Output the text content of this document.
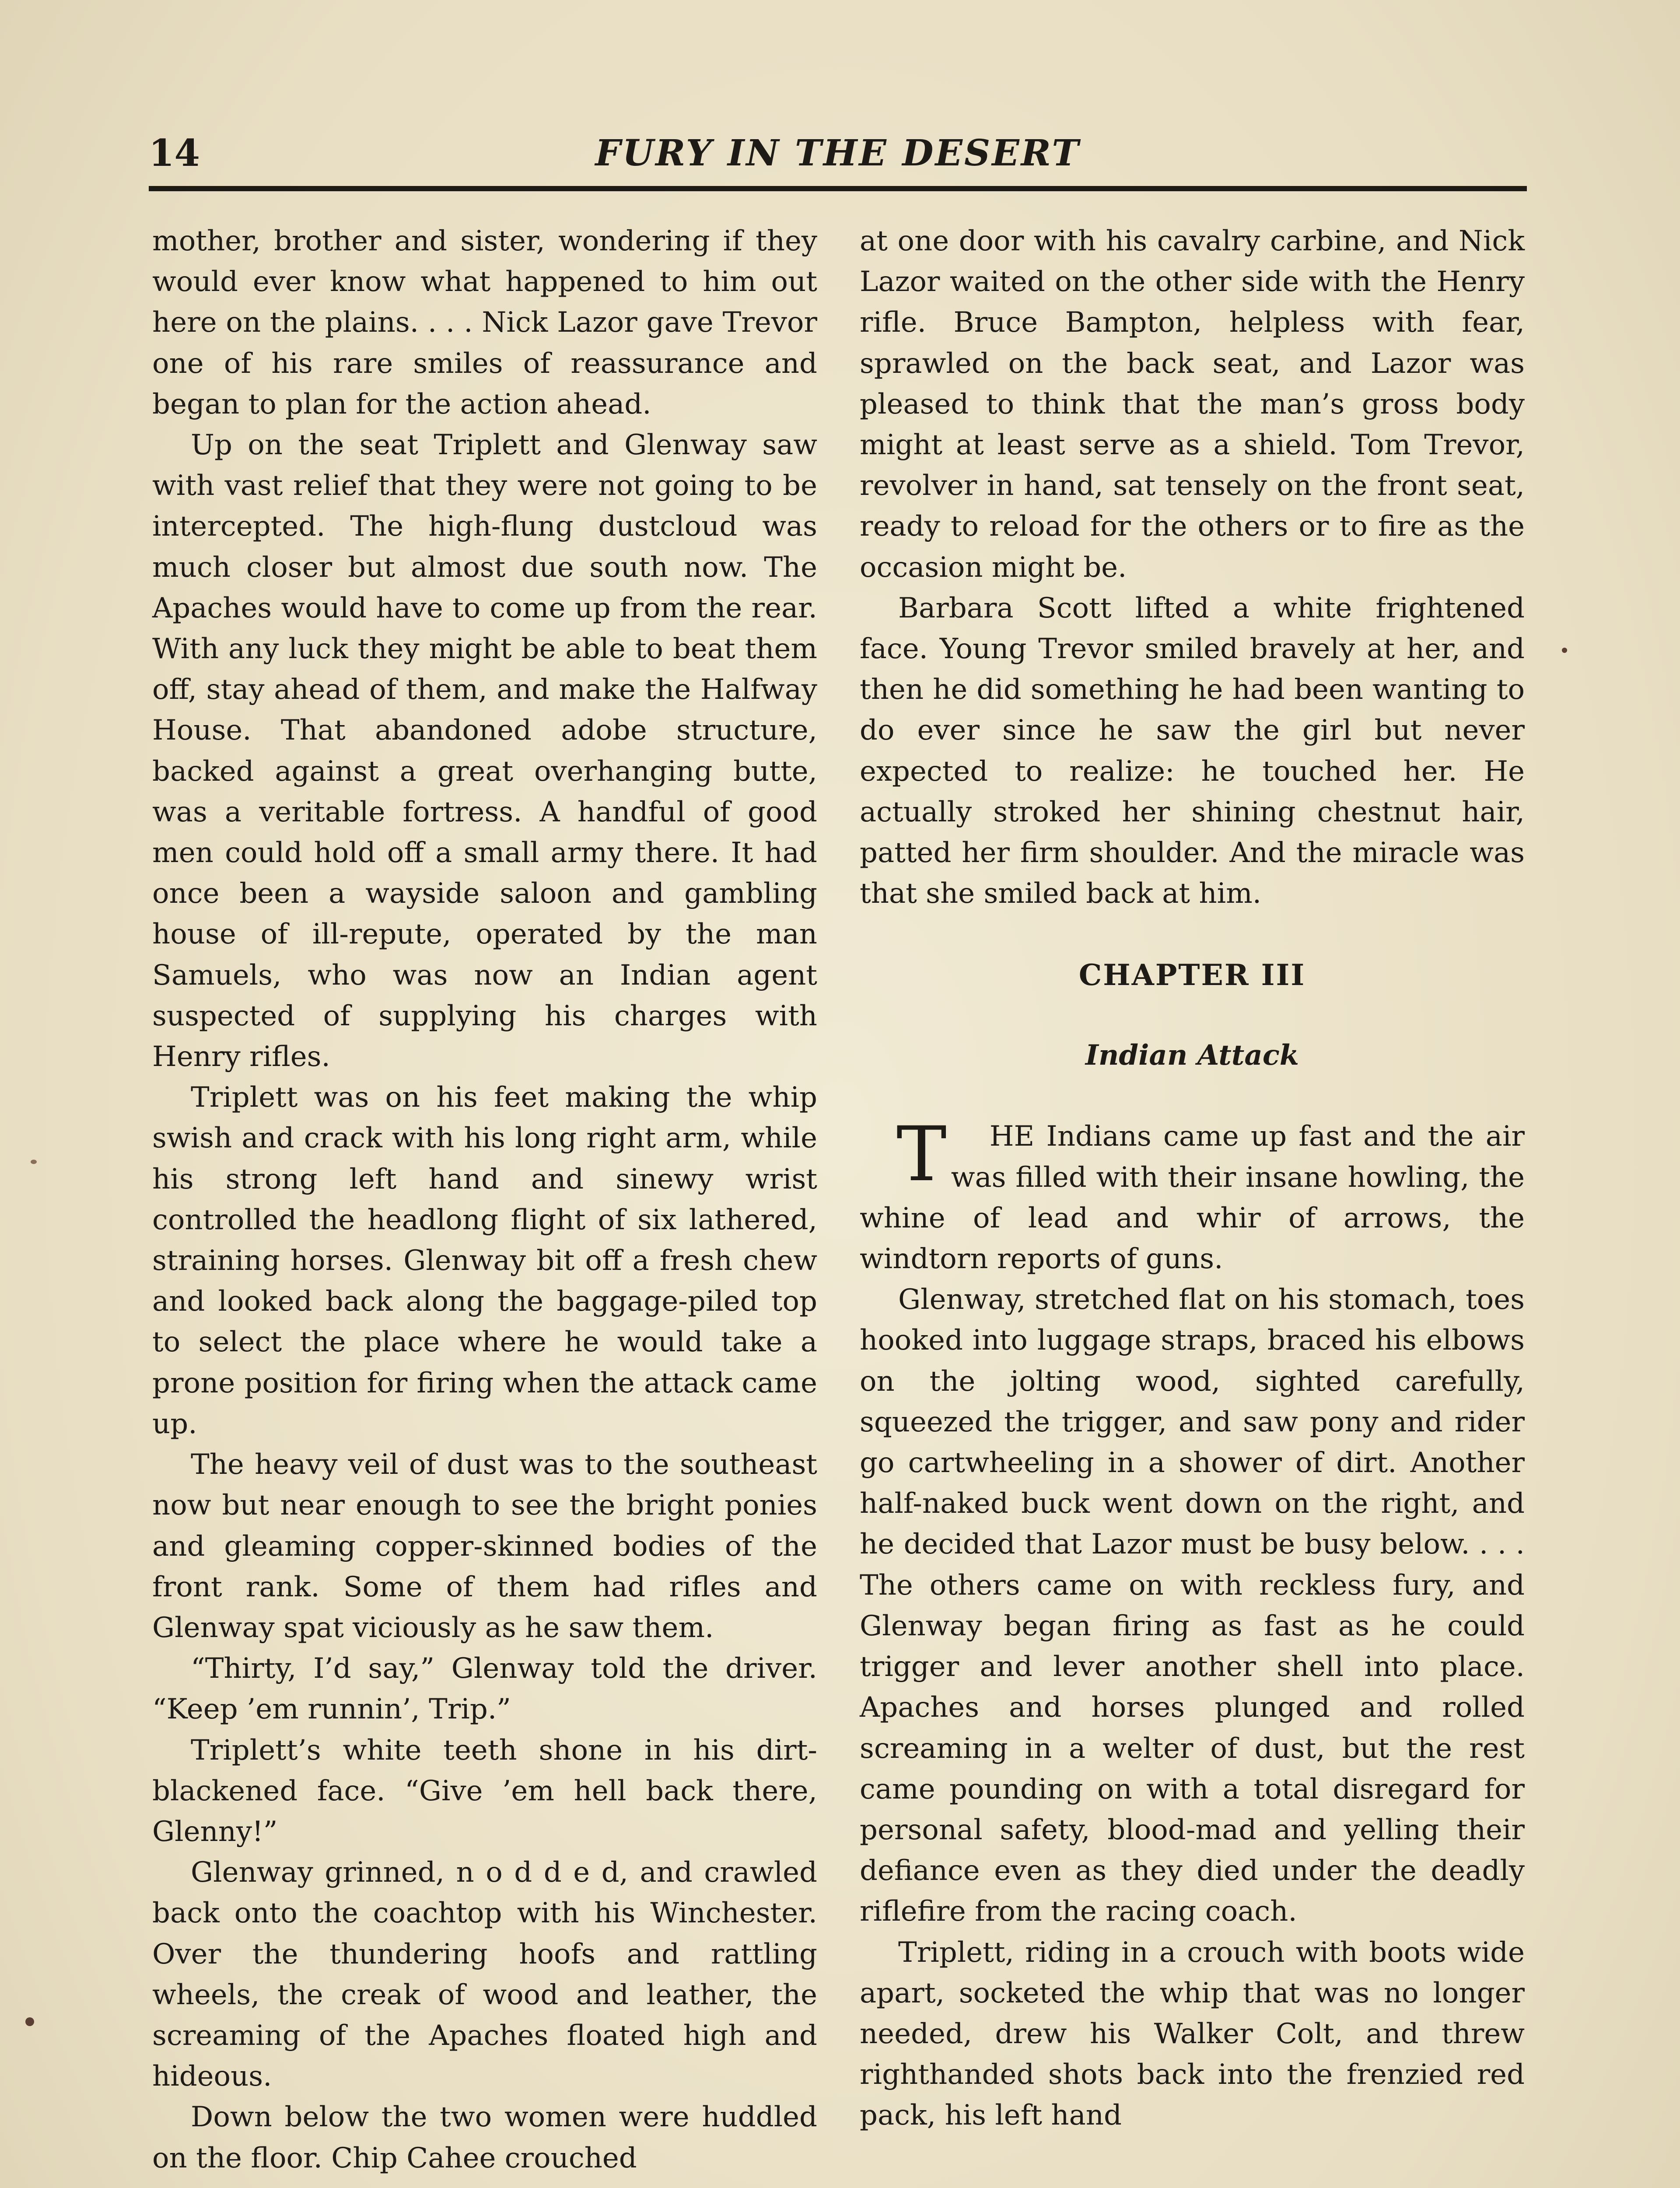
14	FURY IN THE DESERT

mother, brother and sister, wondering if they would ever know what happened to him out here on the plains. . . . Nick Lazor gave Trevor one of his rare smiles of reassurance and began to plan for the action ahead.

Up on the seat Triplett and Glenway saw with vast relief that they were not going to be intercepted. The high-flung dustcloud was much closer but almost due south now. The Apaches would have to come up from the rear. With any luck they might be able to beat them off, stay ahead of them, and make the Halfway House. That abandoned adobe structure, backed against a great overhanging butte, was a veritable fortress. A handful of good men could hold off a small army there. It had once been a wayside saloon and gambling house of ill-repute, operated by the man Samuels, who was now an Indian agent suspected of supplying his charges with Henry rifles.

Triplett was on his feet making the whip swish and crack with his long right arm, while his strong left hand and sinewy wrist controlled the headlong flight of six lathered, straining horses. Glenway bit off a fresh chew and looked back along the baggage-piled top to select the place where he would take a prone position for firing when the attack came up.

The heavy veil of dust was to the southeast now but near enough to see the bright ponies and gleaming copper-skinned bodies of the front rank. Some of them had rifles and Glenway spat viciously as he saw them.

“Thirty, I’d say,” Glenway told the driver. “Keep ’em runnin’, Trip.”

Triplett’s white teeth shone in his dirt-blackened face. “Give ’em hell back there, Glenny!”

Glenway grinned, n o d d e d, and crawled back onto the coachtop with his Winchester. Over the thundering hoofs and rattling wheels, the creak of wood and leather, the screaming of the Apaches floated high and hideous.

Down below the two women were huddled on the floor. Chip Cahee crouched

at one door with his cavalry carbine, and Nick Lazor waited on the other side with the Henry rifle. Bruce Bampton, helpless with fear, sprawled on the back seat, and Lazor was pleased to think that the man’s gross body might at least serve as a shield. Tom Trevor, revolver in hand, sat tensely on the front seat, ready to reload for the others or to fire as the occasion might be.

Barbara Scott lifted a white frightened face. Young Trevor smiled bravely at her, and then he did something he had been wanting to do ever since he saw the girl but never expected to realize: he touched her. He actually stroked her shining chestnut hair, patted her firm shoulder. And the miracle was that she smiled back at him.

CHAPTER III
Indian Attack

T HE Indians came up fast and the air was filled with their insane howling, the whine of lead and whir of arrows, the windtorn reports of guns.

Glenway, stretched flat on his stomach, toes hooked into luggage straps, braced his elbows on the jolting wood, sighted carefully, squeezed the trigger, and saw pony and rider go cartwheeling in a shower of dirt. Another half-naked buck went down on the right, and he decided that Lazor must be busy below. . . . The others came on with reckless fury, and Glenway began firing as fast as he could trigger and lever another shell into place. Apaches and horses plunged and rolled screaming in a welter of dust, but the rest came pounding on with a total disregard for personal safety, blood-mad and yelling their defiance even as they died under the deadly riflefire from the racing coach.

Triplett, riding in a crouch with boots wide apart, socketed the whip that was no longer needed, drew his Walker Colt, and threw righthanded shots back into the frenzied red pack, his left hand
